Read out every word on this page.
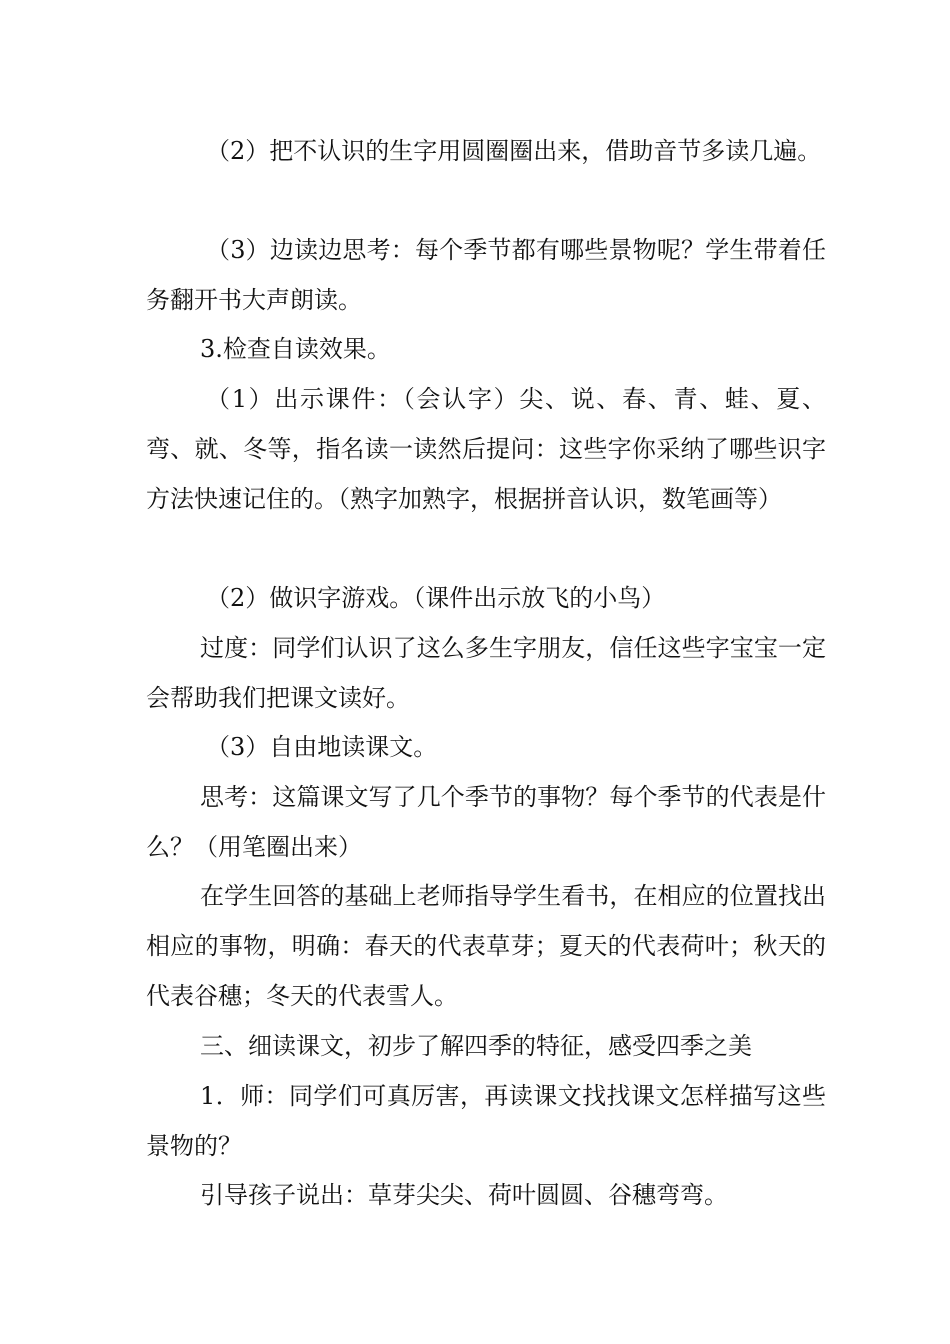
（2）把不认识的生字用圆圈圈出来，借助音节多读几遍。

（3）边读边思考：每个季节都有哪些景物呢？学生带着任务翻开书大声朗读。

3.检查自读效果。

（1）出示课件：（会认字）尖、说、春、青、蛙、夏、弯、就、冬等，指名读一读然后提问：这些字你采纳了哪些识字方法快速记住的。（熟字加熟字，根据拼音认识，数笔画等）

（2）做识字游戏。（课件出示放飞的小鸟）

过度：同学们认识了这么多生字朋友，信任这些字宝宝一定会帮助我们把课文读好。

（3）自由地读课文。

思考：这篇课文写了几个季节的事物？每个季节的代表是什么？（用笔圈出来）

在学生回答的基础上老师指导学生看书，在相应的位置找出相应的事物，明确：春天的代表草芽；夏天的代表荷叶；秋天的代表谷穗；冬天的代表雪人。

三、细读课文，初步了解四季的特征，感受四季之美

1．师：同学们可真厉害，再读课文找找课文怎样描写这些景物的？

引导孩子说出：草芽尖尖、荷叶圆圆、谷穗弯弯。
